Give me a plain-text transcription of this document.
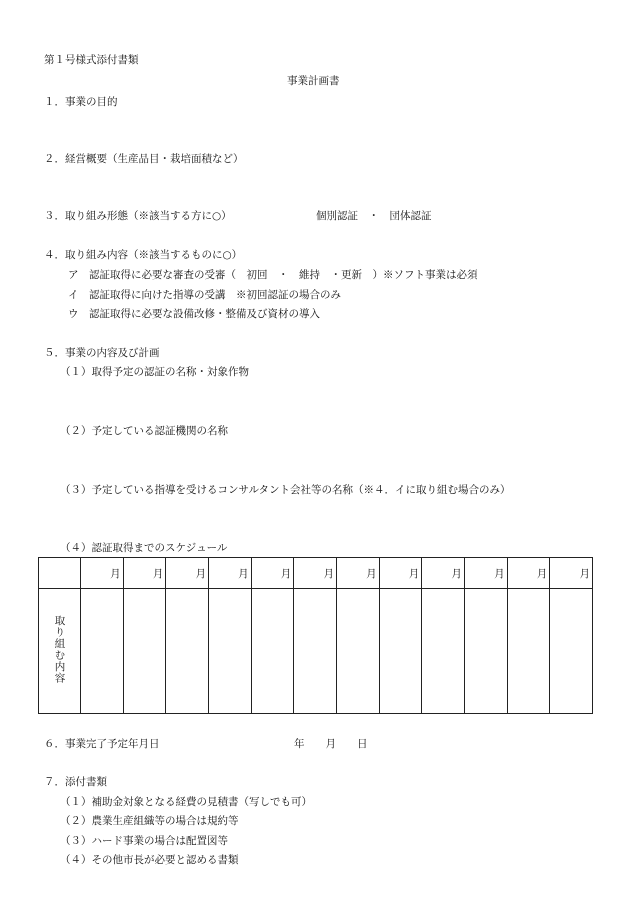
第１号様式添付書類
事業計画書
１．事業の目的
２．経営概要（生産品目・栽培面積など）
３．取り組み形態（※該当する方に○）	個別認証　・　団体認証
４．取り組み内容（※該当するものに○）
ア　認証取得に必要な審査の受審（　初回　・　維持　・更新　）※ソフト事業は必須
イ　認証取得に向けた指導の受講　※初回認証の場合のみ
ウ　認証取得に必要な設備改修・整備及び資材の導入
５．事業の内容及び計画
（１）取得予定の認証の名称・対象作物
（２）予定している認証機関の名称
（３）予定している指導を受けるコンサルタント会社等の名称（※４．イに取り組む場合のみ）
（４）認証取得までのスケジュール
	月	月	月	月	月	月	月	月	月	月	月	月
取り組む内容												
６．事業完了予定年月日	年　　月　　日
７．添付書類
（１）補助金対象となる経費の見積書（写しでも可）
（２）農業生産組織等の場合は規約等
（３）ハード事業の場合は配置図等
（４）その他市長が必要と認める書類
